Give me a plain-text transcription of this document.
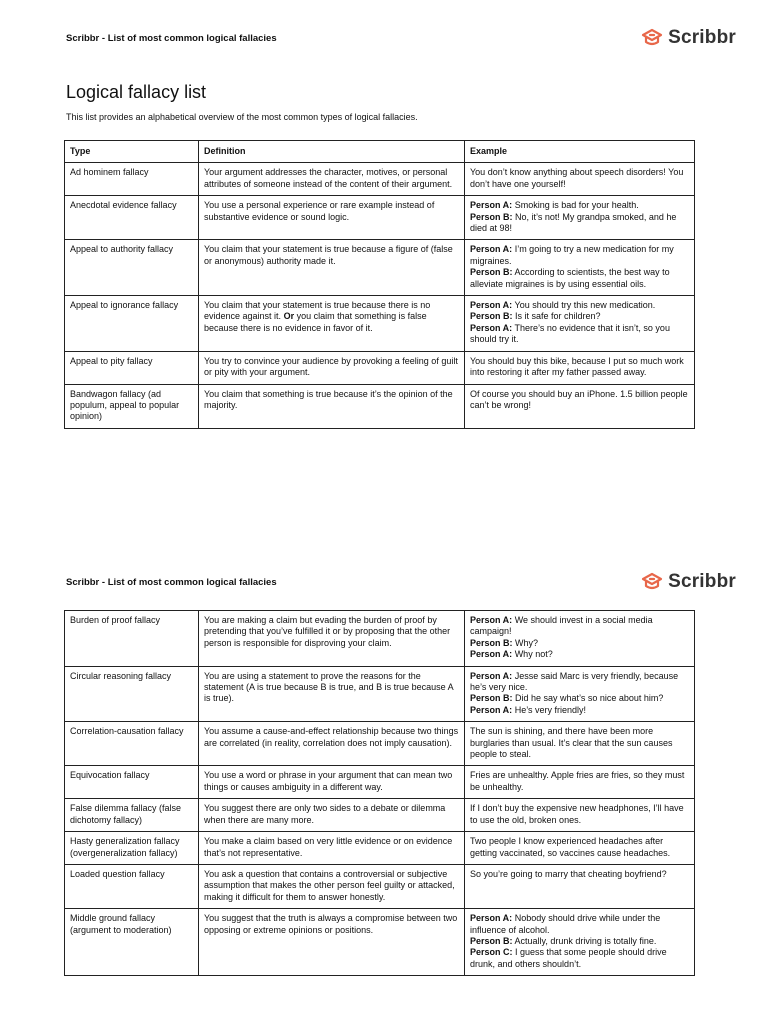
Scribbr - List of most common logical fallacies	Scribbr
Logical fallacy list

This list provides an alphabetical overview of the most common types of logical fallacies.

Type	Definition	Example
Ad hominem fallacy	Your argument addresses the character, motives, or personal attributes of someone instead of the content of their argument.	You don’t know anything about speech disorders! You don’t have one yourself!

Anecdotal evidence fallacy	You use a personal experience or rare example instead of substantive evidence or sound logic.	Person A: Smoking is bad for your health.
Person B: No, it’s not! My grandpa smoked, and he died at 98!

Appeal to authority fallacy	You claim that your statement is true because a figure of (false or anonymous) authority made it.	Person A: I’m going to try a new medication for my migraines.
Person B: According to scientists, the best way to alleviate migraines is by using essential oils.

Appeal to ignorance fallacy	You claim that your statement is true because there is no evidence against it. Or you claim that something is false because there is no evidence in favor of it.	Person A: You should try this new medication.
Person B: Is it safe for children?
Person A: There’s no evidence that it isn’t, so you should try it.

Appeal to pity fallacy	You try to convince your audience by provoking a feeling of guilt or pity with your argument.	You should buy this bike, because I put so much work into restoring it after my father passed away.

Bandwagon fallacy (ad populum, appeal to popular opinion)	You claim that something is true because it’s the opinion of the majority.	Of course you should buy an iPhone. 1.5 billion people can’t be wrong!
Scribbr - List of most common logical fallacies	Scribbr
Burden of proof fallacy	You are making a claim but evading the burden of proof by pretending that you’ve fulfilled it or by proposing that the other person is responsible for disproving your claim.	Person A: We should invest in a social media campaign!
Person B: Why?
Person A: Why not?

Circular reasoning fallacy	You are using a statement to prove the reasons for the statement (A is true because B is true, and B is true because A is true).	Person A: Jesse said Marc is very friendly, because he’s very nice.
Person B: Did he say what’s so nice about him?
Person A: He’s very friendly!

Correlation-causation fallacy	You assume a cause-and-effect relationship because two things are correlated (in reality, correlation does not imply causation).	The sun is shining, and there have been more burglaries than usual. It’s clear that the sun causes people to steal.

Equivocation fallacy	You use a word or phrase in your argument that can mean two things or causes ambiguity in a different way.	Fries are unhealthy. Apple fries are fries, so they must be unhealthy.

False dilemma fallacy (false dichotomy fallacy)	You suggest there are only two sides to a debate or dilemma when there are many more.	If I don’t buy the expensive new headphones, I’ll have to use the old, broken ones.

Hasty generalization fallacy (overgeneralization fallacy)	You make a claim based on very little evidence or on evidence that’s not representative.	Two people I know experienced headaches after getting vaccinated, so vaccines cause headaches.

Loaded question fallacy	You ask a question that contains a controversial or subjective assumption that makes the other person feel guilty or attacked, making it difficult for them to answer honestly.	So you’re going to marry that cheating boyfriend?

Middle ground fallacy (argument to moderation)	You suggest that the truth is always a compromise between two opposing or extreme opinions or positions.	Person A: Nobody should drive while under the influence of alcohol.
Person B: Actually, drunk driving is totally fine.
Person C: I guess that some people should drive drunk, and others shouldn’t.
